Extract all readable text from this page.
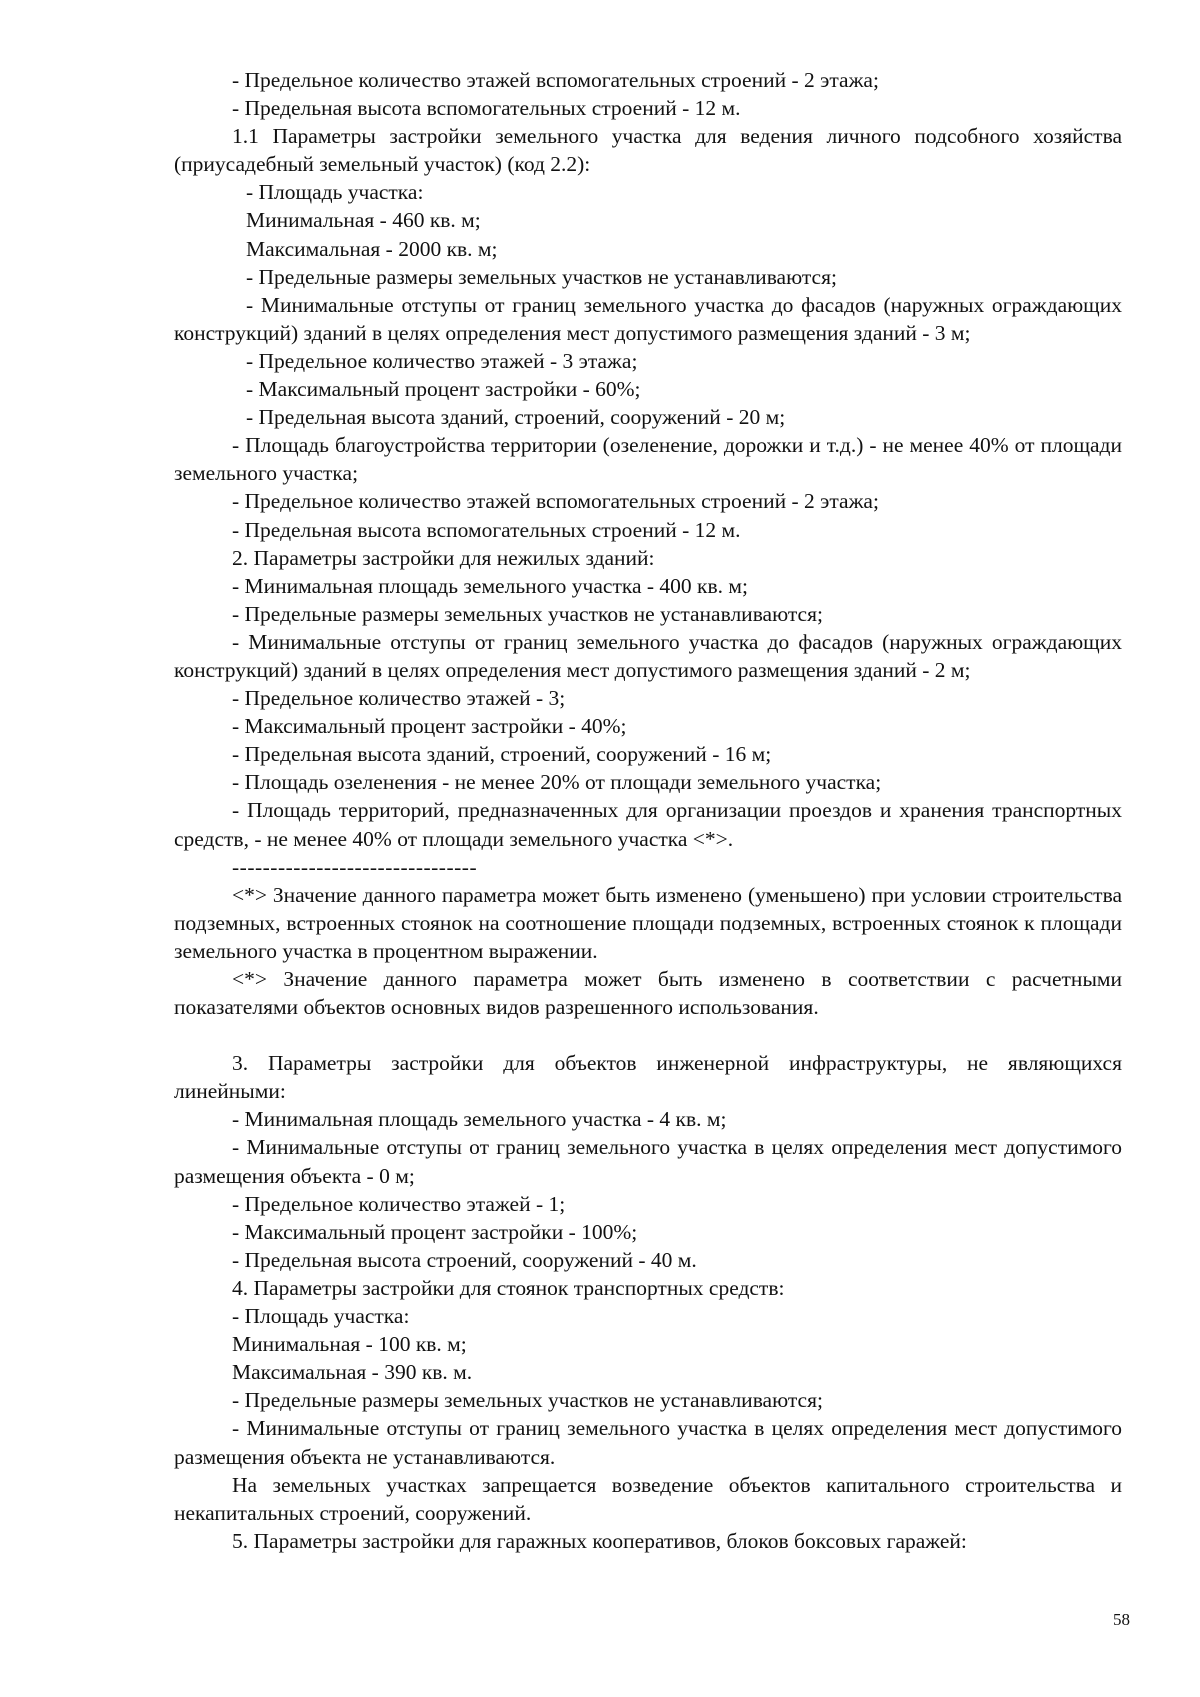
- Предельное количество этажей вспомогательных строений - 2 этажа;

- Предельная высота вспомогательных строений - 12 м.

1.1 Параметры застройки земельного участка для ведения личного подсобного хозяйства (приусадебный земельный участок) (код 2.2):

- Площадь участка:

Минимальная - 460 кв. м;

Максимальная - 2000 кв. м;

- Предельные размеры земельных участков не устанавливаются;

- Минимальные отступы от границ земельного участка до фасадов (наружных ограждающих конструкций) зданий в целях определения мест допустимого размещения зданий - 3 м;

- Предельное количество этажей - 3 этажа;

- Максимальный процент застройки - 60%;

- Предельная высота зданий, строений, сооружений - 20 м;

- Площадь благоустройства территории (озеленение, дорожки и т.д.) - не менее 40% от площади земельного участка;

- Предельное количество этажей вспомогательных строений - 2 этажа;

- Предельная высота вспомогательных строений - 12 м.

2. Параметры застройки для нежилых зданий:

- Минимальная площадь земельного участка - 400 кв. м;

- Предельные размеры земельных участков не устанавливаются;

- Минимальные отступы от границ земельного участка до фасадов (наружных ограждающих конструкций) зданий в целях определения мест допустимого размещения зданий - 2 м;

- Предельное количество этажей - 3;

- Максимальный процент застройки - 40%;

- Предельная высота зданий, строений, сооружений - 16 м;

- Площадь озеленения - не менее 20% от площади земельного участка;

- Площадь территорий, предназначенных для организации проездов и хранения транспортных средств, - не менее 40% от площади земельного участка <*>.

--------------------------------

<*> Значение данного параметра может быть изменено (уменьшено) при условии строительства подземных, встроенных стоянок на соотношение площади подземных, встроенных стоянок к площади земельного участка в процентном выражении.

<*> Значение данного параметра может быть изменено в соответствии с расчетными показателями объектов основных видов разрешенного использования.

3. Параметры застройки для объектов инженерной инфраструктуры, не являющихся линейными:

- Минимальная площадь земельного участка - 4 кв. м;

- Минимальные отступы от границ земельного участка в целях определения мест допустимого размещения объекта - 0 м;

- Предельное количество этажей - 1;

- Максимальный процент застройки - 100%;

- Предельная высота строений, сооружений - 40 м.

4. Параметры застройки для стоянок транспортных средств:

- Площадь участка:

Минимальная - 100 кв. м;

Максимальная - 390 кв. м.

- Предельные размеры земельных участков не устанавливаются;

- Минимальные отступы от границ земельного участка в целях определения мест допустимого размещения объекта не устанавливаются.

На земельных участках запрещается возведение объектов капитального строительства и некапитальных строений, сооружений.

5. Параметры застройки для гаражных кооперативов, блоков боксовых гаражей:

58
